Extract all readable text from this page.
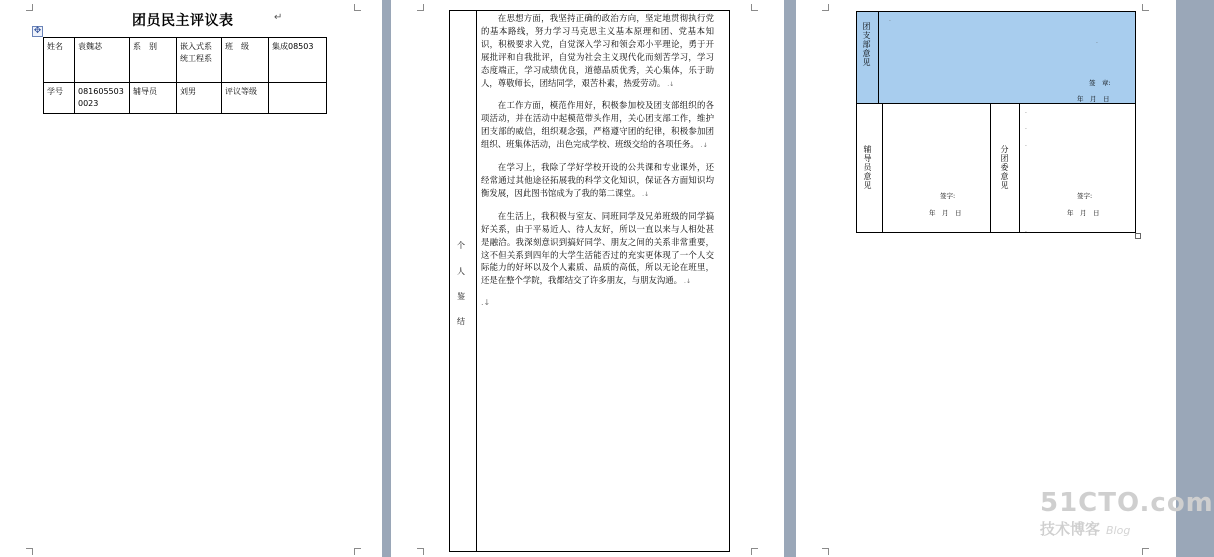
✥
团员民主评议表	↵
姓名	袁魏苾	系　别	嵌入式系统工程系	班　级	集成08503
学号	0816055030023	辅导员	刘男	评议等级	
个
人
鉴
结

在思想方面，我坚持正确的政治方向，坚定地贯彻执行党的基本路线，努力学习马克思主义基本原理和团、党基本知识，积极要求入党，自觉深入学习和领会邓小平理论，勇于开展批评和自我批评，自觉为社会主义现代化而刻苦学习，学习态度端正，学习成绩优良，道德品质优秀，关心集体，乐于助人，尊敬师长，团结同学，艰苦朴素，热爱劳动。 .↓

在工作方面，模范作用好，积极参加校及团支部组织的各项活动，并在活动中起模范带头作用，关心团支部工作，维护团支部的威信，组织观念强，严格遵守团的纪律，积极参加团组织、班集体活动，出色完成学校、班级交给的各项任务。 .↓

在学习上，我除了学好学校开设的公共课和专业课外，还经常通过其他途径拓展我的科学文化知识，保证各方面知识均衡发展，因此图书馆成为了我的第二课堂。 .↓

在生活上，我积极与室友、同班同学及兄弟班级的同学搞好关系，由于平易近人、待人友好，所以一直以来与人相处甚是融洽。我深刻意识到搞好同学、朋友之间的关系非常重要，这不但关系到四年的大学生活能否过的充实更体现了一个人交际能力的好坏以及个人素质、品质的高低，所以无论在班里，还是在整个学院，我都结交了许多朋友，与朋友沟通。 .↓

.↓
团支部意见
签　章:
年　月　日
.
.
辅导员意见
签字:
年　月　日
分团委意见
签字:
年　月　日
.
.
.
.
51CTO.com
技术博客 Blog
